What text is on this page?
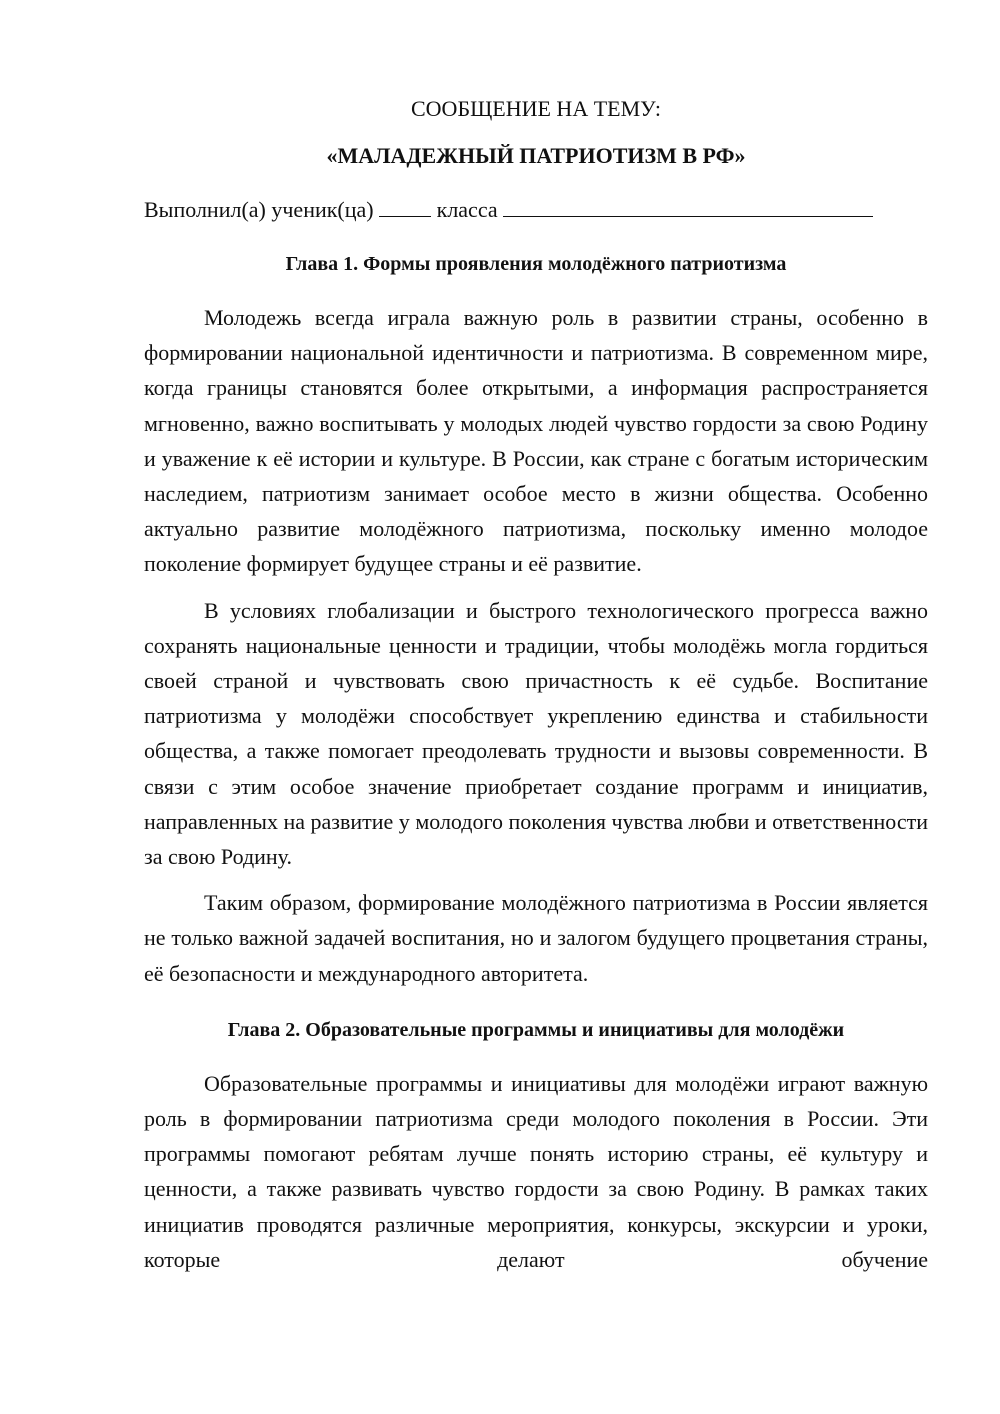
СООБЩЕНИЕ НА ТЕМУ:

«МАЛАДЕЖНЫЙ ПАТРИОТИЗМ В РФ»

Выполнил(а) ученик(ца)	класса
Глава 1. Формы проявления молодёжного патриотизма

Молодежь всегда играла важную роль в развитии страны, особенно в формировании национальной идентичности и патриотизма. В современном мире, когда границы становятся более открытыми, а информация распространяется мгновенно, важно воспитывать у молодых людей чувство гордости за свою Родину и уважение к её истории и культуре. В России, как стране с богатым историческим наследием, патриотизм занимает особое место в жизни общества. Особенно актуально развитие молодёжного патриотизма, поскольку именно молодое поколение формирует будущее страны и её развитие.

В условиях глобализации и быстрого технологического прогресса важно сохранять национальные ценности и традиции, чтобы молодёжь могла гордиться своей страной и чувствовать свою причастность к её судьбе. Воспитание патриотизма у молодёжи способствует укреплению единства и стабильности общества, а также помогает преодолевать трудности и вызовы современности. В связи с этим особое значение приобретает создание программ и инициатив, направленных на развитие у молодого поколения чувства любви и ответственности за свою Родину.

Таким образом, формирование молодёжного патриотизма в России является не только важной задачей воспитания, но и залогом будущего процветания страны, её безопасности и международного авторитета.

Глава 2. Образовательные программы и инициативы для молодёжи

Образовательные программы и инициативы для молодёжи играют важную роль в формировании патриотизма среди молодого поколения в России. Эти программы помогают ребятам лучше понять историю страны, её культуру и ценности, а также развивать чувство гордости за свою Родину. В рамках таких инициатив проводятся различные мероприятия, конкурсы, экскурсии и уроки, которые делают обучение
